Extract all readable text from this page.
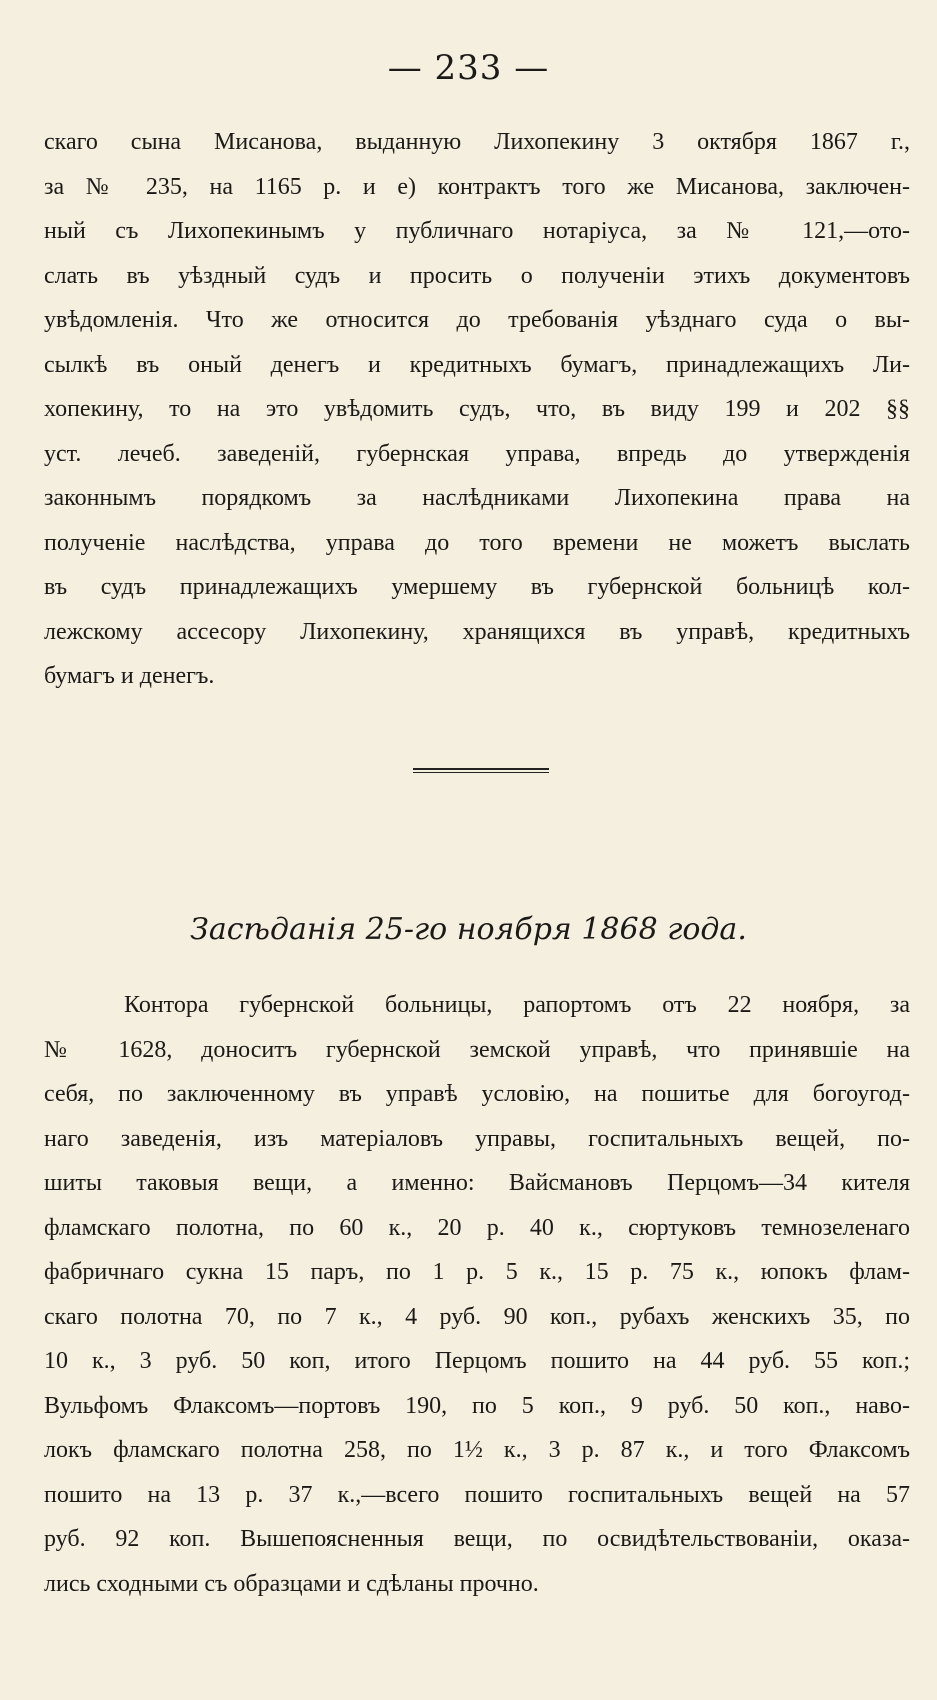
— 233 —
скаго сына Мисанова, выданную Лихопекину 3 октября 1867 г.,
за № 235, на 1165 р. и е) контрактъ того же Мисанова, заключен-
ный съ Лихопекинымъ у публичнаго нотаріуса, за № 121,—ото-
слать въ уѣздный судъ и просить о полученіи этихъ документовъ
увѣдомленія. Что же относится до требованія уѣзднаго суда о вы-
сылкѣ въ оный денегъ и кредитныхъ бумагъ, принадлежащихъ Ли-
хопекину, то на это увѣдомить судъ, что, въ виду 199 и 202 §§
уст. лечеб. заведеній, губернская управа, впредь до утвержденія
законнымъ порядкомъ за наслѣдниками Лихопекина права на
полученіе наслѣдства, управа до того времени не можетъ выслать
въ судъ принадлежащихъ умершему въ губернской больницѣ кол-
лежскому ассесору Лихопекину, хранящихся въ управѣ, кредитныхъ
бумагъ и денегъ.
Засѣданія 25-го ноября 1868 года.
Контора губернской больницы, рапортомъ отъ 22 ноября, за
№ 1628, доноситъ губернской земской управѣ, что принявшіе на
себя, по заключенному въ управѣ условію, на пошитье для богоугод-
наго заведенія, изъ матеріаловъ управы, госпитальныхъ вещей, по-
шиты таковыя вещи, а именно: Вайсмановъ Перцомъ—34 кителя
фламскаго полотна, по 60 к., 20 р. 40 к., сюртуковъ темнозеленаго
фабричнаго сукна 15 паръ, по 1 р. 5 к., 15 р. 75 к., юпокъ флам-
скаго полотна 70, по 7 к., 4 руб. 90 коп., рубахъ женскихъ 35, по
10 к., 3 руб. 50 коп, итого Перцомъ пошито на 44 руб. 55 коп.;
Вульфомъ Флаксомъ—портовъ 190, по 5 коп., 9 руб. 50 коп., наво-
локъ фламскаго полотна 258, по 1½ к., 3 р. 87 к., и того Флаксомъ
пошито на 13 р. 37 к.,—всего пошито госпитальныхъ вещей на 57
руб. 92 коп. Вышепоясненныя вещи, по освидѣтельствованіи, оказа-
лись сходными съ образцами и сдѣланы прочно.
